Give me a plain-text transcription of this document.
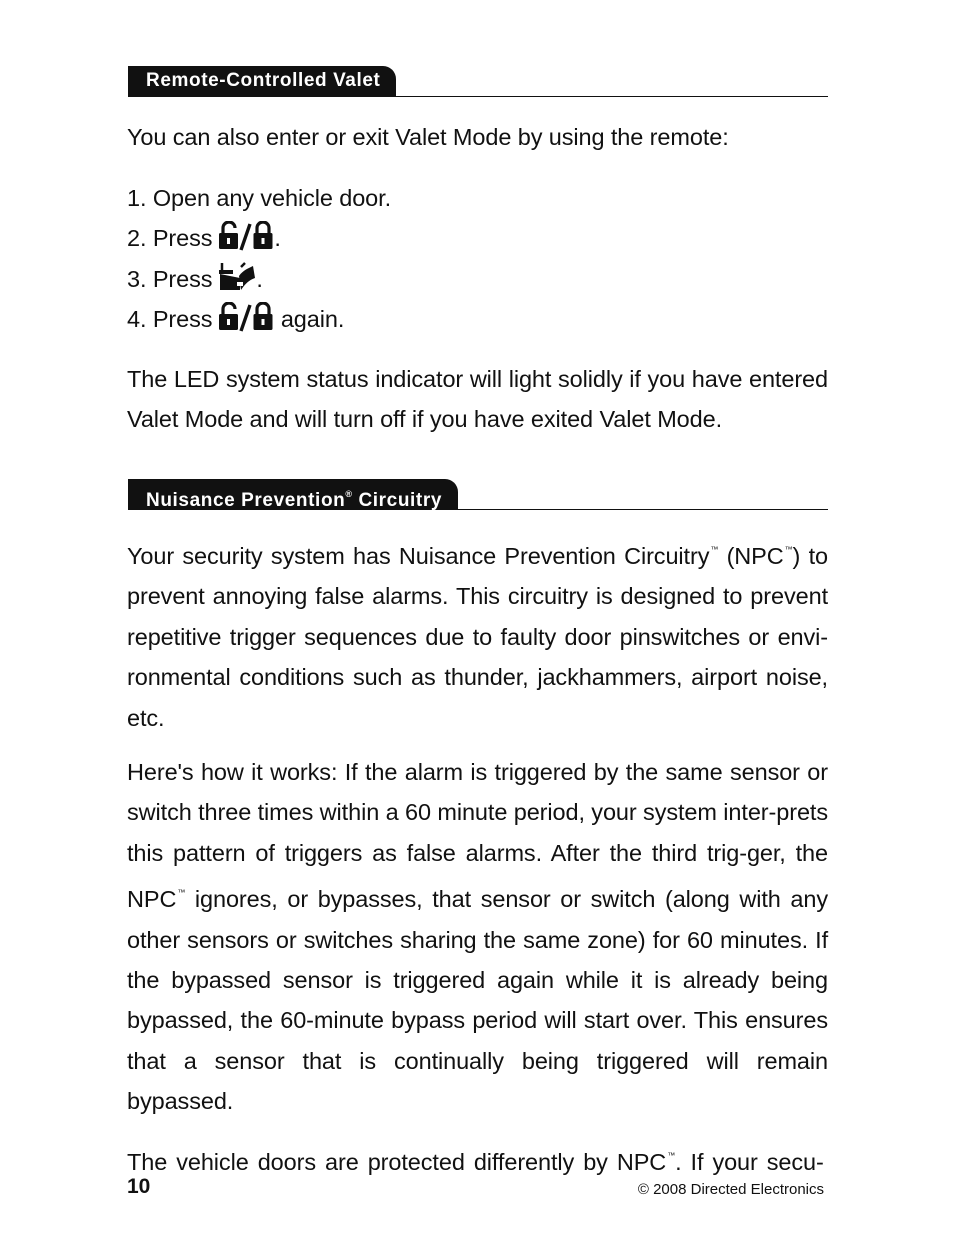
Remote-Controlled Valet
You can also enter or exit Valet Mode by using the remote:
1. Open any vehicle door.
2. Press	.
3. Press .
4. Press	again.
The LED system status indicator will light solidly if you have entered Valet Mode and will turn off if you have exited Valet Mode.
Nuisance Prevention® Circuitry
Your security system has Nuisance Prevention Circuitry™ (NPC™) to prevent annoying false alarms. This circuitry is designed to prevent repetitive trigger sequences due to faulty door pinswitches or envi-ronmental conditions such as thunder, jackhammers, airport noise, etc.
Here's how it works: If the alarm is triggered by the same sensor or switch three times within a 60 minute period, your system inter-prets this pattern of triggers as false alarms. After the third trig-ger, the NPC™ ignores, or bypasses, that sensor or switch (along with any other sensors or switches sharing the same zone) for 60 minutes. If the bypassed sensor is triggered again while it is already being bypassed, the 60-minute bypass period will start over. This ensures that a sensor that is continually being triggered will remain bypassed.
The vehicle doors are protected differently by NPC™. If your secu-
10	© 2008 Directed Electronics
